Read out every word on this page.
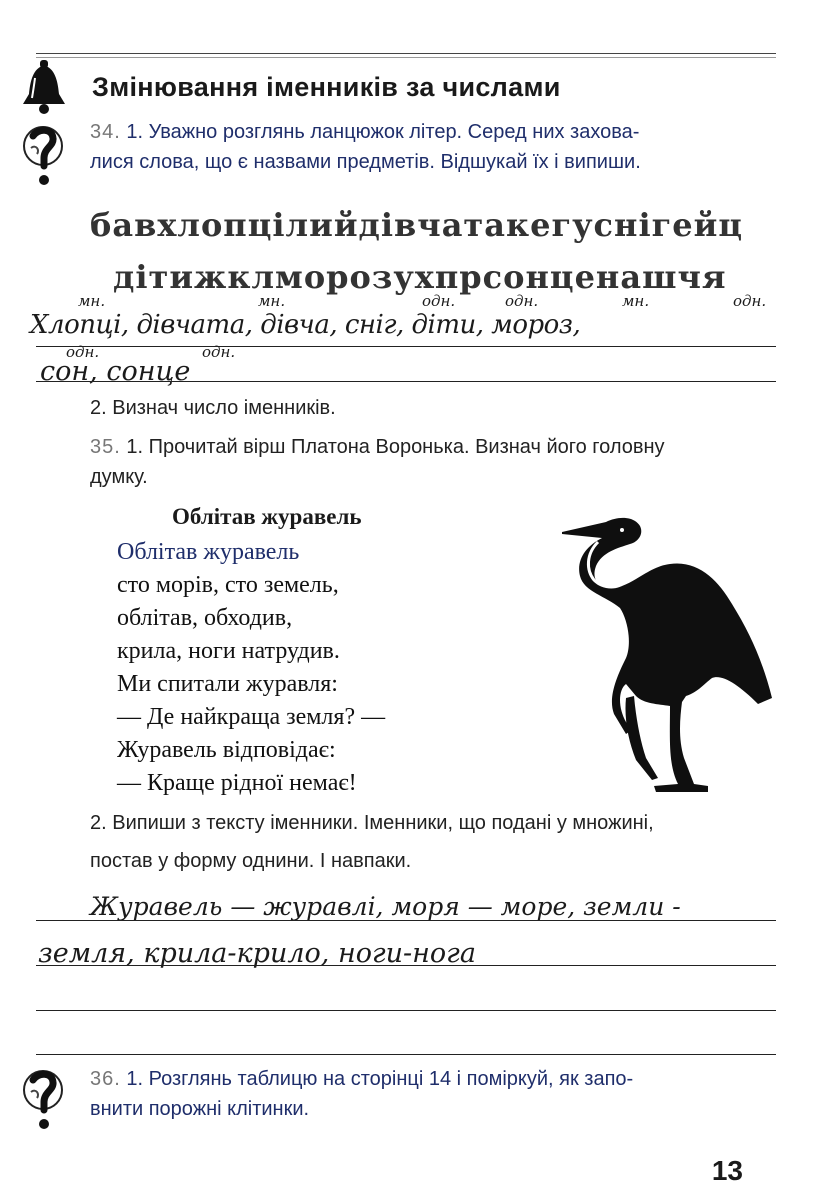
Змінювання іменників за числами
34. 1. Уважно розглянь ланцюжок літер. Серед них захова-
лися слова, що є назвами предметів. Відшукай їх і випиши.
бавхлопцілийдівчатакегуснігейц
дітижклморозухпрсонценашчя
мн.	мн.	одн.	одн.	мн.	одн.
Хлопці, дівчата, дівча, сніг, діти, мороз,
одн.	одн.
сон, сонце
2. Визнач число іменників.
35. 1. Прочитай вірш Платона Воронька. Визнач його головну
думку.
Облітав журавель
Облітав журавель
сто морів, сто земель,
облітав, обходив,
крила, ноги натрудив.
Ми спитали журавля:
— Де найкраща земля? —
Журавель відповідає:
— Краще рідної немає!
2. Випиши з тексту іменники. Іменники, що подані у множині,
постав у форму однини. І навпаки.
Журавель — журавлі, моря — море, земли -
земля, крила-крило, ноги-нога
36. 1. Розглянь таблицю на сторінці 14 і поміркуй, як запо-
внити порожні клітинки.
13
